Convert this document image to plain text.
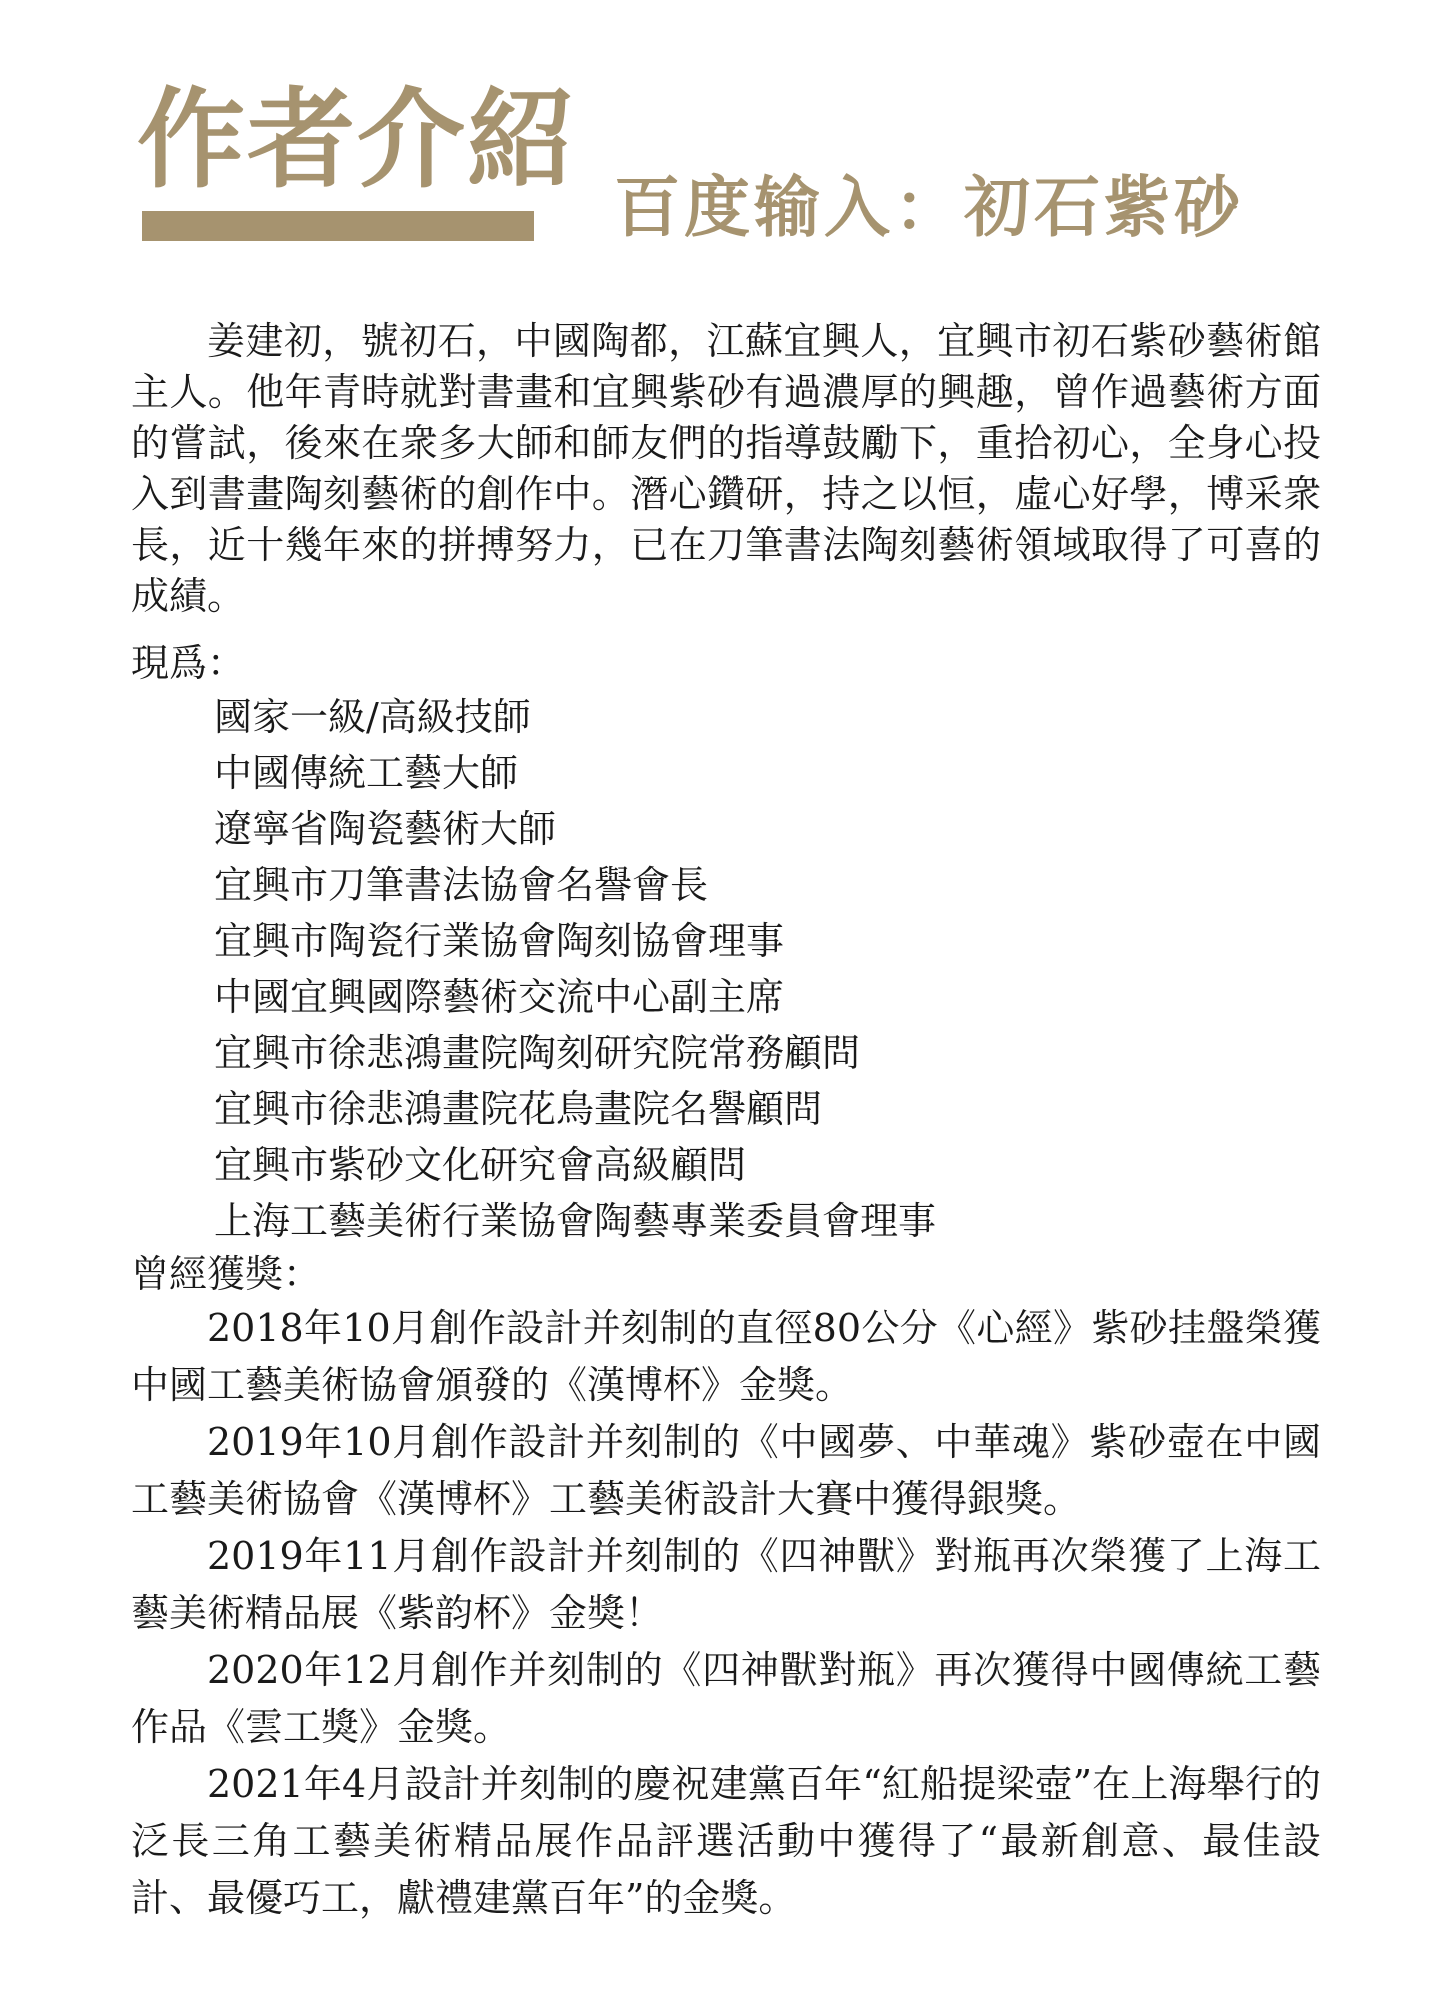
作者介紹
百度输入：初石紫砂

姜建初，號初石，中國陶都，江蘇宜興人，宜興市初石紫砂藝術館主人。他年青時就對書畫和宜興紫砂有過濃厚的興趣，曾作過藝術方面的嘗試，後來在衆多大師和師友們的指導鼓勵下，重拾初心，全身心投入到書畫陶刻藝術的創作中。潛心鑽研，持之以恒，虛心好學，博采衆長，近十幾年來的拼搏努力，已在刀筆書法陶刻藝術領域取得了可喜的成績。

現爲：

國家一級/高級技師
中國傳統工藝大師
遼寧省陶瓷藝術大師
宜興市刀筆書法協會名譽會長
宜興市陶瓷行業協會陶刻協會理事
中國宜興國際藝術交流中心副主席
宜興市徐悲鴻畫院陶刻研究院常務顧問
宜興市徐悲鴻畫院花鳥畫院名譽顧問
宜興市紫砂文化研究會高級顧問
上海工藝美術行業協會陶藝專業委員會理事

曾經獲獎：

2018年10月創作設計并刻制的直徑80公分《心經》紫砂挂盤榮獲中國工藝美術協會頒發的《漢博杯》金獎。

2019年10月創作設計并刻制的《中國夢、中華魂》紫砂壺在中國工藝美術協會《漢博杯》工藝美術設計大賽中獲得銀獎。

2019年11月創作設計并刻制的《四神獸》對瓶再次榮獲了上海工藝美術精品展《紫韵杯》金獎！

2020年12月創作并刻制的《四神獸對瓶》再次獲得中國傳統工藝作品《雲工獎》金獎。

2021年4月設計并刻制的慶祝建黨百年“紅船提梁壺”在上海舉行的泛長三角工藝美術精品展作品評選活動中獲得了“最新創意、最佳設計、最優巧工，獻禮建黨百年”的金獎。
